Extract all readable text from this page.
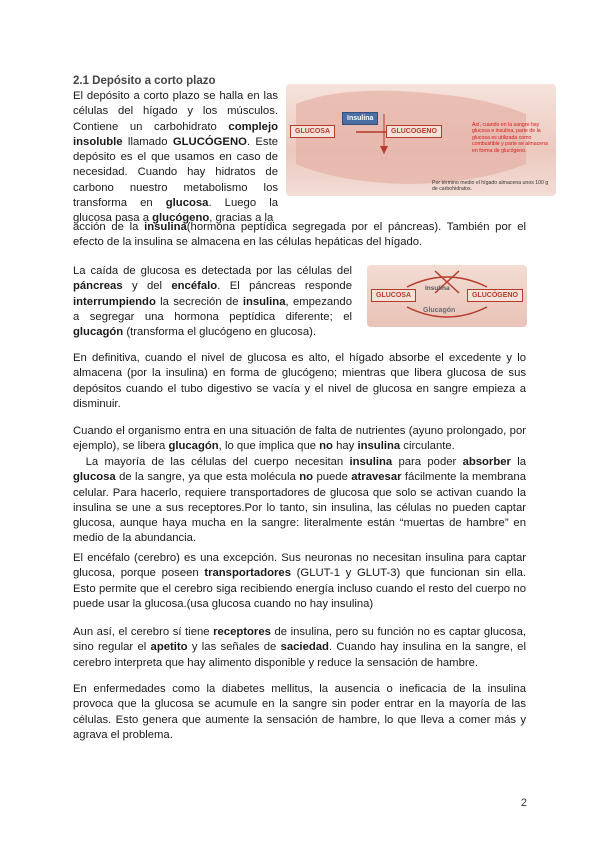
2.1 Depósito a corto plazo
El depósito a corto plazo se halla en las células del hígado y los músculos. Contiene un carbohidrato complejo insoluble llamado GLUCÓGENO. Este depósito es el que usamos en caso de necesidad. Cuando hay hidratos de carbono nuestro metabolismo los transforma en glucosa. Luego la glucosa pasa a glucógeno, gracias a la
acción de la insulina(hormona peptídica segregada por el páncreas). También por el efecto de la insulina se almacena en las células hepáticas del hígado.
Insulina
GLUCOSA	GLUCOGENO
Así, cuando en la sangre hay glucosa e insulina, parte de la glucosa es utilizada como combustible y parte se almacena en forma de glucógeno.
Por término medio el hígado almacena unos 100 g de carbohidratos.
La caída de glucosa es detectada por las células del páncreas y del encéfalo. El páncreas responde interrumpiendo la secreción de insulina, empezando a segregar una hormona peptídica diferente; el glucagón (transforma el glucógeno en glucosa).
GLUCOSA	GLUCÓGENO
Insulina
Glucagón
En definitiva, cuando el nivel de glucosa es alto, el hígado absorbe el excedente y lo almacena (por la insulina) en forma de glucógeno; mientras que libera glucosa de sus depósitos cuando el tubo digestivo se vacía y el nivel de glucosa en sangre empieza a disminuir.
Cuando el organismo entra en una situación de falta de nutrientes (ayuno prolongado, por ejemplo), se libera glucagón, lo que implica que no hay insulina circulante.
La mayoría de las células del cuerpo necesitan insulina para poder absorber la glucosa de la sangre, ya que esta molécula no puede atravesar fácilmente la membrana celular. Para hacerlo, requiere transportadores de glucosa que solo se activan cuando la insulina se une a sus receptores.Por lo tanto, sin insulina, las células no pueden captar glucosa, aunque haya mucha en la sangre: literalmente están “muertas de hambre” en medio de la abundancia.
El encéfalo (cerebro) es una excepción. Sus neuronas no necesitan insulina para captar glucosa, porque poseen transportadores (GLUT-1 y GLUT-3) que funcionan sin ella. Esto permite que el cerebro siga recibiendo energía incluso cuando el resto del cuerpo no puede usar la glucosa.(usa glucosa cuando no hay insulina)
Aun así, el cerebro sí tiene receptores de insulina, pero su función no es captar glucosa, sino regular el apetito y las señales de saciedad. Cuando hay insulina en la sangre, el cerebro interpreta que hay alimento disponible y reduce la sensación de hambre.
En enfermedades como la diabetes mellitus, la ausencia o ineficacia de la insulina provoca que la glucosa se acumule en la sangre sin poder entrar en la mayoría de las células. Esto genera que aumente la sensación de hambre, lo que lleva a comer más y agrava el problema.
2
